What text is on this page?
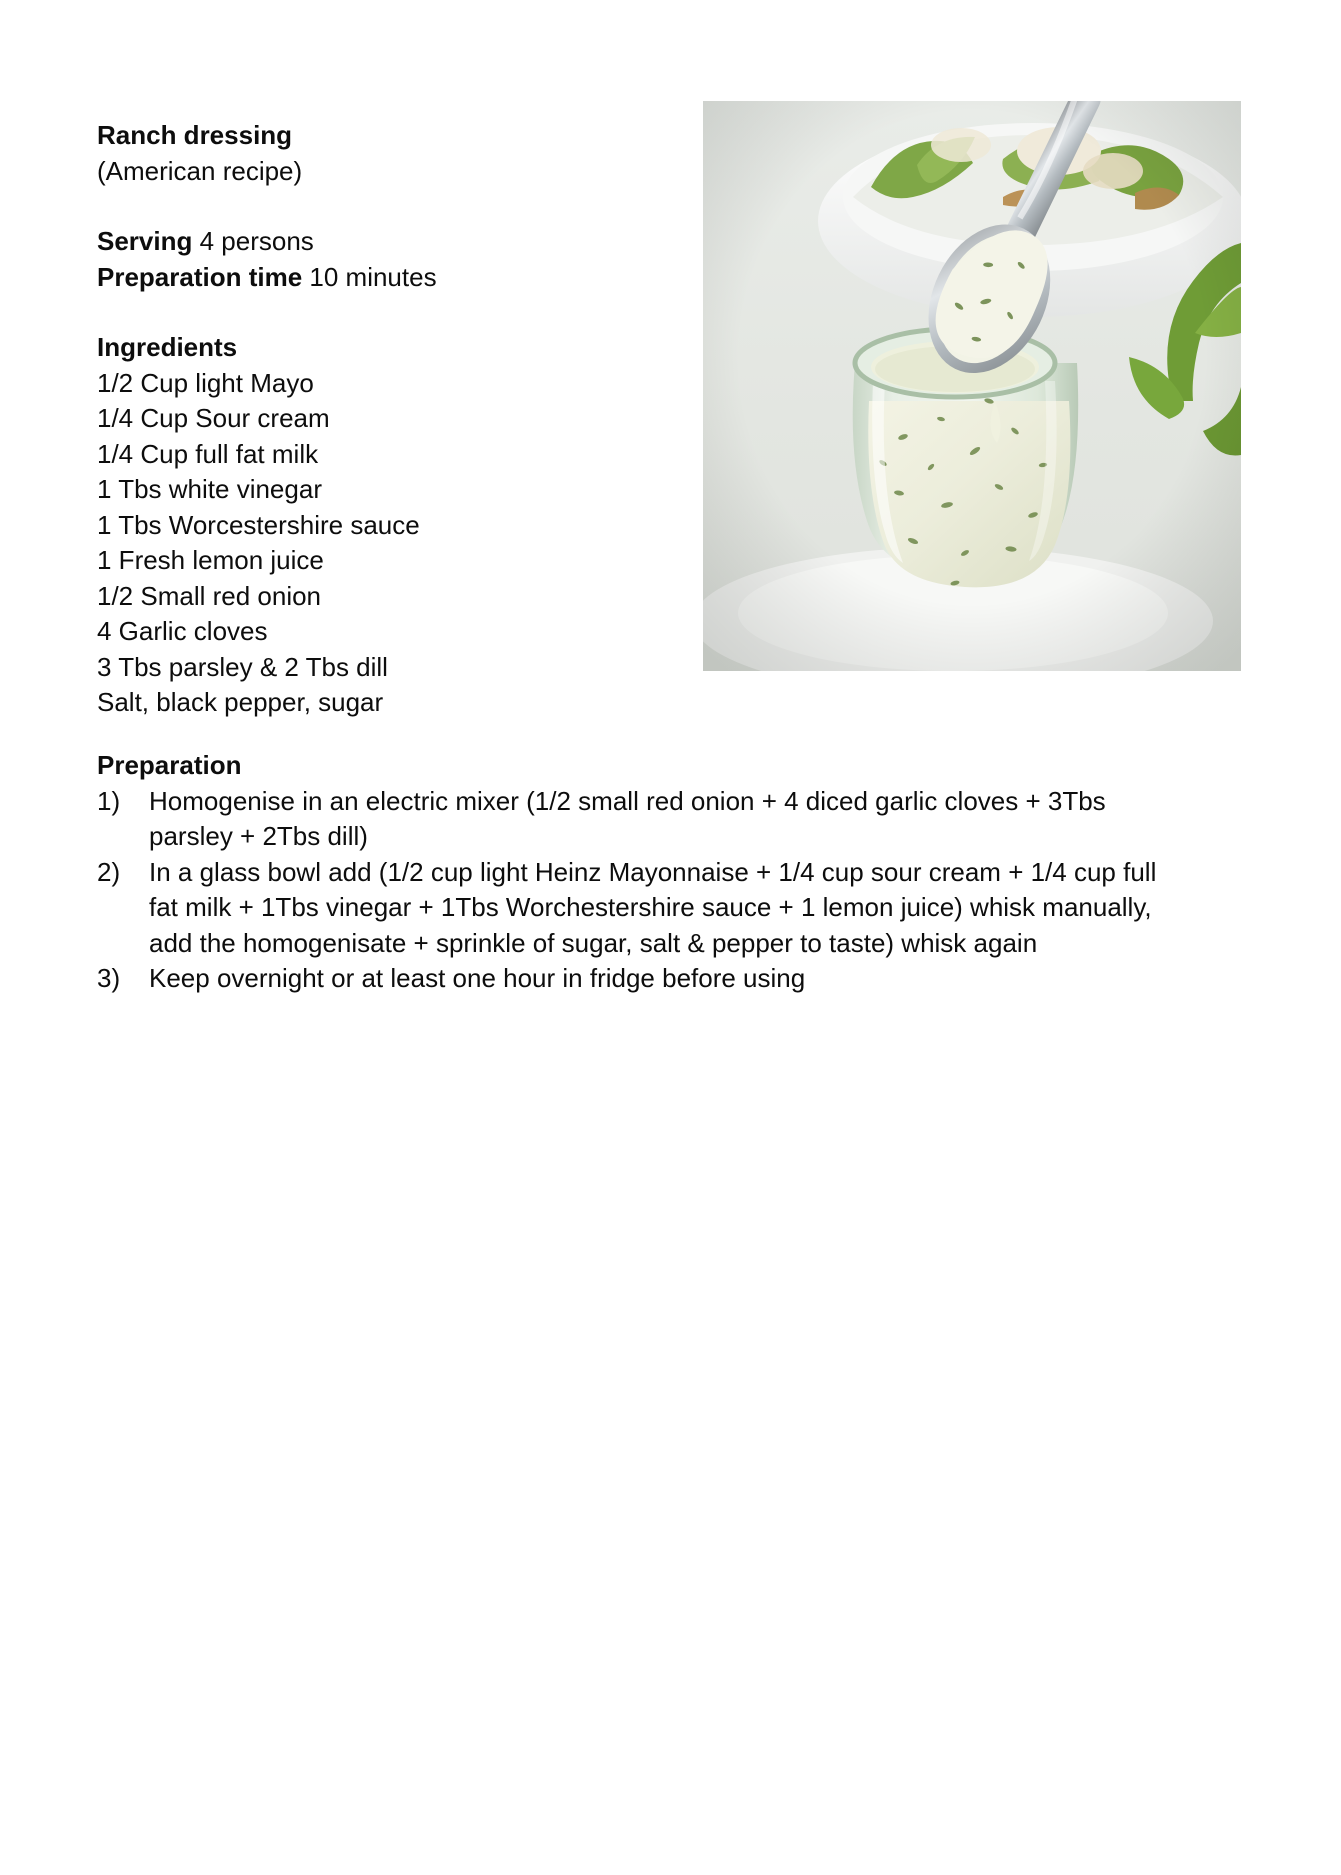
Ranch dressing
(American recipe)
Serving 4 persons
Preparation time 10 minutes
Ingredients
1/2 Cup light Mayo
1/4 Cup Sour cream
1/4 Cup full fat milk
1 Tbs white vinegar
1 Tbs Worcestershire sauce
1 Fresh lemon juice
1/2 Small red onion
4 Garlic cloves
3 Tbs parsley & 2 Tbs dill
Salt, black pepper, sugar
Preparation
1)	Homogenise in an electric mixer (1/2 small red onion + 4 diced garlic cloves + 3Tbs parsley + 2Tbs dill)
2)	In a glass bowl add (1/2 cup light Heinz Mayonnaise + 1/4 cup sour cream + 1/4 cup full fat milk + 1Tbs vinegar + 1Tbs Worchestershire sauce + 1 lemon juice) whisk manually, add the homogenisate + sprinkle of sugar, salt & pepper to taste) whisk again
3)	Keep overnight or at least one hour in fridge before using
